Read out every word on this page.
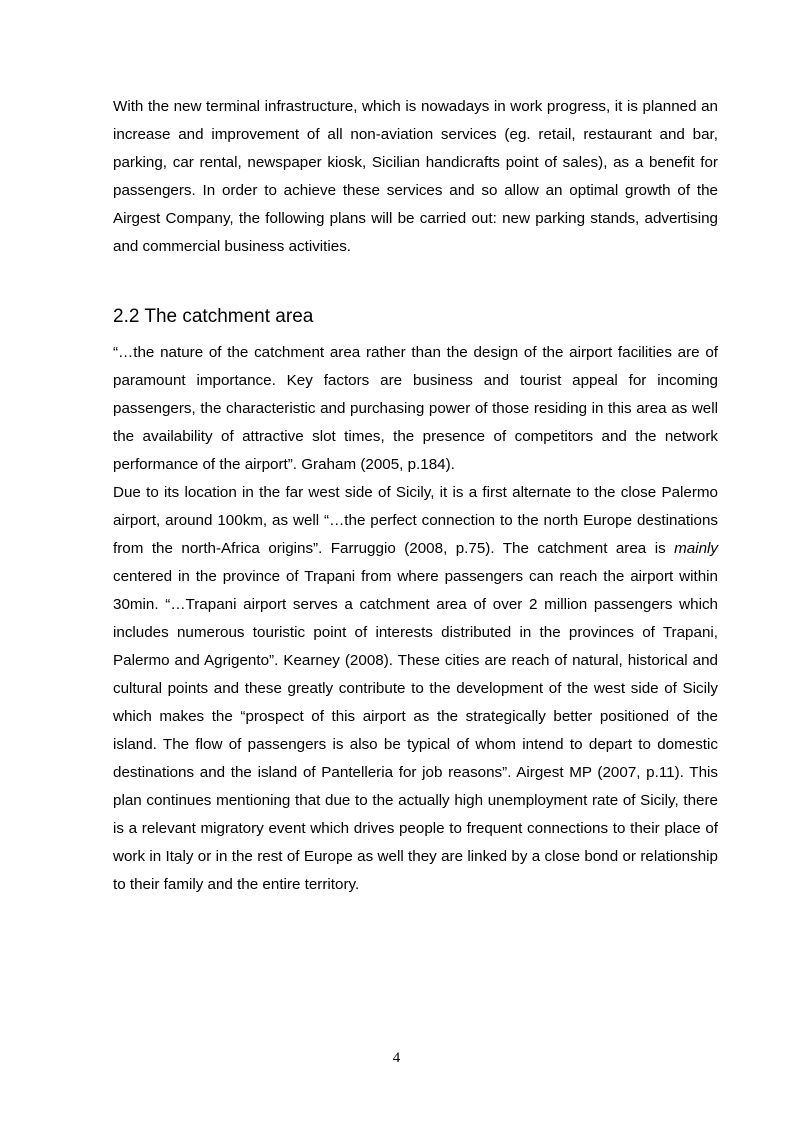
With the new terminal infrastructure, which is nowadays in work progress, it is planned an increase and improvement of all non-aviation services (eg. retail, restaurant and bar, parking, car rental, newspaper kiosk, Sicilian handicrafts point of sales), as a benefit for passengers. In order to achieve these services and so allow an optimal growth of the Airgest Company, the following plans will be carried out: new parking stands, advertising and commercial business activities.

2.2 The catchment area

“…the nature of the catchment area rather than the design of the airport facilities are of paramount importance. Key factors are business and tourist appeal for incoming passengers, the characteristic and purchasing power of those residing in this area as well the availability of attractive slot times, the presence of competitors and the network performance of the airport”. Graham (2005, p.184).

Due to its location in the far west side of Sicily, it is a first alternate to the close Palermo airport, around 100km, as well “…the perfect connection to the north Europe destinations from the north-Africa origins”. Farruggio (2008, p.75). The catchment area is mainly centered in the province of Trapani from where passengers can reach the airport within 30min. “…Trapani airport serves a catchment area of over 2 million passengers which includes numerous touristic point of interests distributed in the provinces of Trapani, Palermo and Agrigento”. Kearney (2008). These cities are reach of natural, historical and cultural points and these greatly contribute to the development of the west side of Sicily which makes the “prospect of this airport as the strategically better positioned of the island. The flow of passengers is also be typical of whom intend to depart to domestic destinations and the island of Pantelleria for job reasons”. Airgest MP (2007, p.11). This plan continues mentioning that due to the actually high unemployment rate of Sicily, there is a relevant migratory event which drives people to frequent connections to their place of work in Italy or in the rest of Europe as well they are linked by a close bond or relationship to their family and the entire territory.

4
